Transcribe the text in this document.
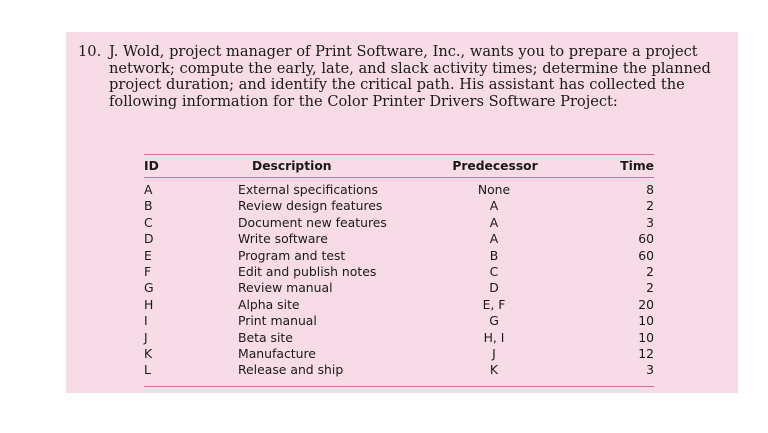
10. J. Wold, project manager of Print Software, Inc., wants you to prepare a project network; compute the early, late, and slack activity times; determine the planned project duration; and identify the critical path. His assistant has collected the following information for the Color Printer Drivers Software Project:
ID	Description	Predecessor	Time
A	External specifications	None	8
B	Review design features	A	2
C	Document new features	A	3
D	Write software	A	60
E	Program and test	B	60
F	Edit and publish notes	C	2
G	Review manual	D	2
H	Alpha site	E, F	20
I	Print manual	G	10
J	Beta site	H, I	10
K	Manufacture	J	12
L	Release and ship	K	3
